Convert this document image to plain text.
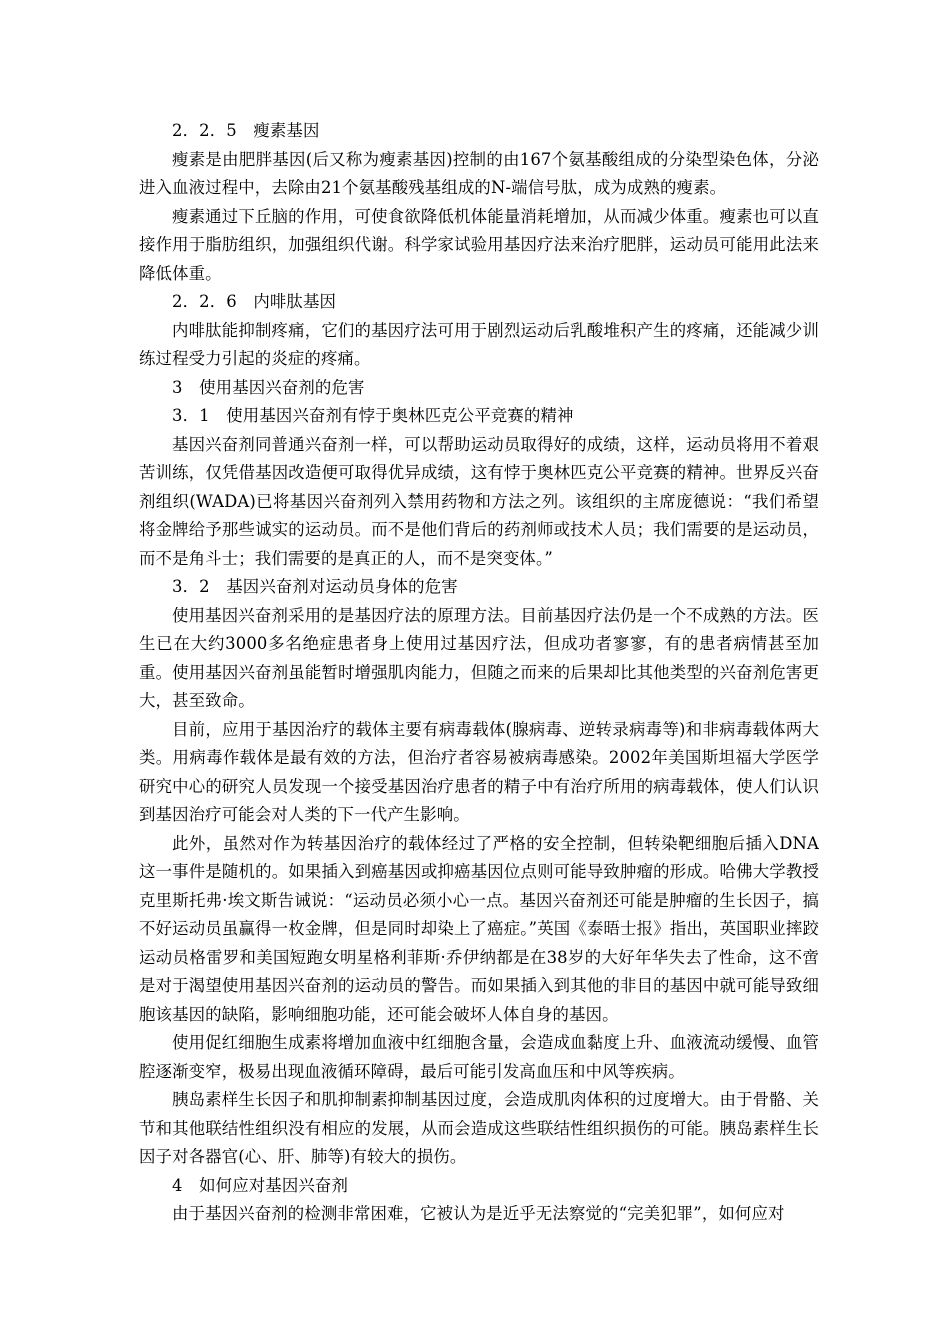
2．2．5　瘦素基因

瘦素是由肥胖基因(后又称为瘦素基因)控制的由167个氨基酸组成的分染型染色体，分泌进入血液过程中，去除由21个氨基酸残基组成的N-端信号肽，成为成熟的瘦素。

瘦素通过下丘脑的作用，可使食欲降低机体能量消耗增加，从而减少体重。瘦素也可以直接作用于脂肪组织，加强组织代谢。科学家试验用基因疗法来治疗肥胖，运动员可能用此法来降低体重。

2．2．6　内啡肽基因

内啡肽能抑制疼痛，它们的基因疗法可用于剧烈运动后乳酸堆积产生的疼痛，还能减少训练过程受力引起的炎症的疼痛。

3　使用基因兴奋剂的危害

3．1　使用基因兴奋剂有悖于奥林匹克公平竞赛的精神

基因兴奋剂同普通兴奋剂一样，可以帮助运动员取得好的成绩，这样，运动员将用不着艰苦训练，仅凭借基因改造便可取得优异成绩，这有悖于奥林匹克公平竞赛的精神。世界反兴奋剂组织(WADA)已将基因兴奋剂列入禁用药物和方法之列。该组织的主席庞德说：“我们希望将金牌给予那些诚实的运动员。而不是他们背后的药剂师或技术人员；我们需要的是运动员，而不是角斗士；我们需要的是真正的人，而不是突变体。”

3．2　基因兴奋剂对运动员身体的危害

使用基因兴奋剂采用的是基因疗法的原理方法。目前基因疗法仍是一个不成熟的方法。医生已在大约3000多名绝症患者身上使用过基因疗法，但成功者寥寥，有的患者病情甚至加重。使用基因兴奋剂虽能暂时增强肌肉能力，但随之而来的后果却比其他类型的兴奋剂危害更大，甚至致命。

目前，应用于基因治疗的载体主要有病毒载体(腺病毒、逆转录病毒等)和非病毒载体两大类。用病毒作载体是最有效的方法，但治疗者容易被病毒感染。2002年美国斯坦福大学医学研究中心的研究人员发现一个接受基因治疗患者的精子中有治疗所用的病毒载体，使人们认识到基因治疗可能会对人类的下一代产生影响。

此外，虽然对作为转基因治疗的载体经过了严格的安全控制，但转染靶细胞后插入DNA这一事件是随机的。如果插入到癌基因或抑癌基因位点则可能导致肿瘤的形成。哈佛大学教授克里斯托弗·埃文斯告诫说：“运动员必须小心一点。基因兴奋剂还可能是肿瘤的生长因子，搞不好运动员虽赢得一枚金牌，但是同时却染上了癌症。”英国《泰晤士报》指出，英国职业摔跤运动员格雷罗和美国短跑女明星格利菲斯·乔伊纳都是在38岁的大好年华失去了性命，这不啻是对于渴望使用基因兴奋剂的运动员的警告。而如果插入到其他的非目的基因中就可能导致细胞该基因的缺陷，影响细胞功能，还可能会破坏人体自身的基因。

使用促红细胞生成素将增加血液中红细胞含量，会造成血黏度上升、血液流动缓慢、血管腔逐渐变窄，极易出现血液循环障碍，最后可能引发高血压和中风等疾病。

胰岛素样生长因子和肌抑制素抑制基因过度，会造成肌肉体积的过度增大。由于骨骼、关节和其他联结性组织没有相应的发展，从而会造成这些联结性组织损伤的可能。胰岛素样生长因子对各器官(心、肝、肺等)有较大的损伤。

4　如何应对基因兴奋剂

由于基因兴奋剂的检测非常困难，它被认为是近乎无法察觉的“完美犯罪”，如何应对
